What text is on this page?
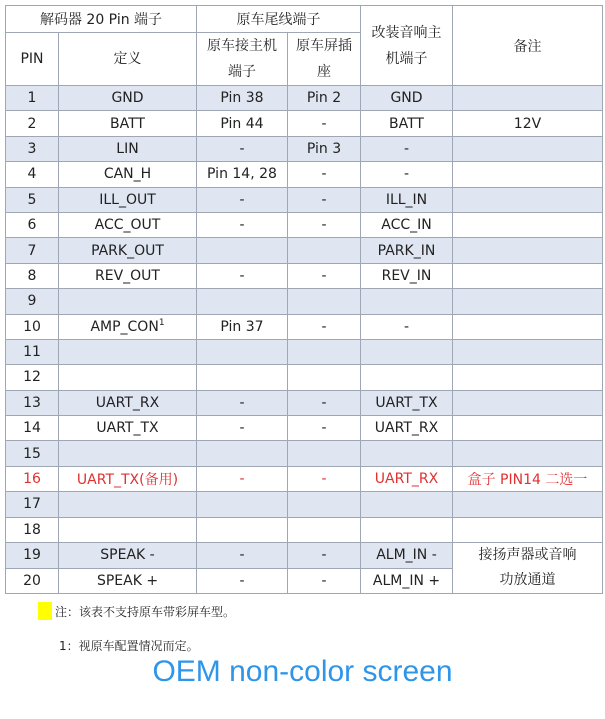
解码器 20 Pin 端子		原车尾线端子		改装音响主机端子	备注
PIN	定义	原车接主机端子	原车屏插座		
1	GND	Pin 38	Pin 2	GND	
2	BATT	Pin 44	-	BATT	12V
3	LIN	-	Pin 3	-	
4	CAN_H	Pin 14, 28	-	-	
5	ILL_OUT	-	-	ILL_IN	
6	ACC_OUT	-	-	ACC_IN	
7	PARK_OUT			PARK_IN	
8	REV_OUT	-	-	REV_IN	
9					
10	AMP_CON$^1$	Pin 37	-	-	
11					
12					
13	UART_RX	-	-	UART_TX	
14	UART_TX	-	-	UART_RX	
15					
16	UART_TX(备用)	-	-	UART_RX	盒子 PIN14 二选一
17					
18					
19	SPEAK -	-	-	ALM_IN -	接扬声器或音响功放通道
20	SPEAK +	-	-	ALM_IN +	
注：该表不支持原车带彩屏车型。
1：视原车配置情况而定。
OEM non-color screen
